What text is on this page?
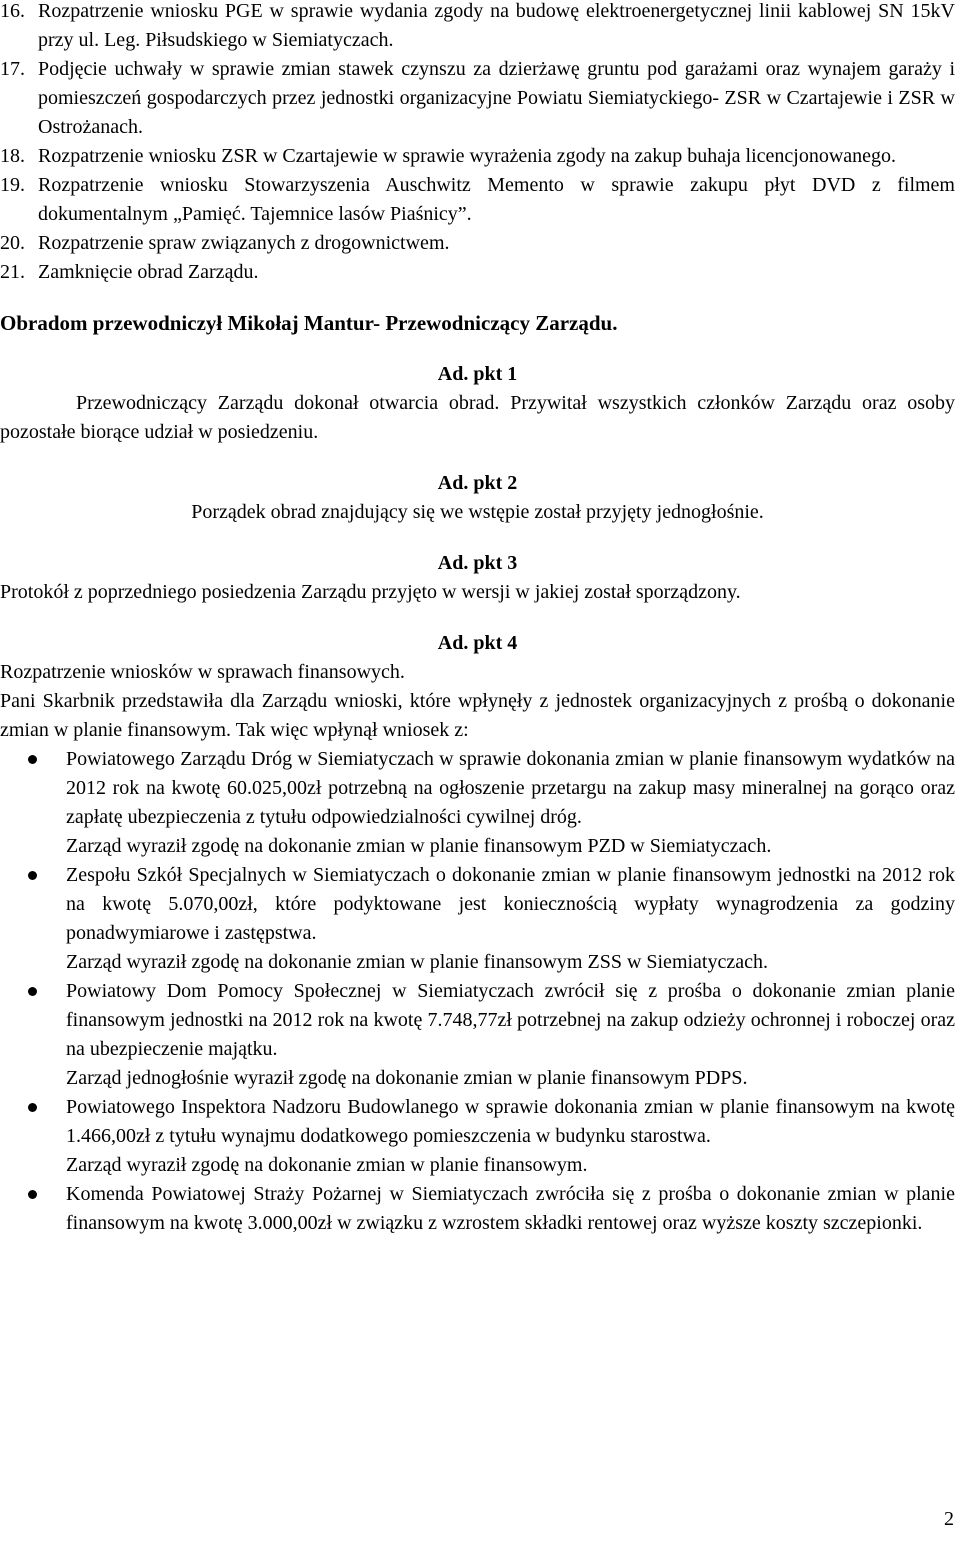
16. Rozpatrzenie wniosku PGE w sprawie wydania zgody na budowę elektroenergetycznej linii kablowej SN 15kV przy ul. Leg. Piłsudskiego w Siemiatyczach.
17. Podjęcie uchwały w sprawie zmian stawek czynszu za dzierżawę gruntu pod garażami oraz wynajem garaży i pomieszczeń gospodarczych przez jednostki organizacyjne Powiatu Siemiatyckiego- ZSR w Czartajewie i ZSR w Ostrożanach.
18. Rozpatrzenie wniosku ZSR w Czartajewie w sprawie wyrażenia zgody na zakup buhaja licencjonowanego.
19. Rozpatrzenie wniosku Stowarzyszenia Auschwitz Memento w sprawie zakupu płyt DVD z filmem dokumentalnym „Pamięć. Tajemnice lasów Piaśnicy”.
20. Rozpatrzenie spraw związanych z drogownictwem.
21. Zamknięcie obrad Zarządu.
Obradom przewodniczył Mikołaj Mantur- Przewodniczący Zarządu.
Ad. pkt 1
Przewodniczący Zarządu dokonał otwarcia obrad. Przywitał wszystkich członków Zarządu oraz osoby pozostałe biorące udział w posiedzeniu.
Ad. pkt 2
Porządek obrad znajdujący się we wstępie został przyjęty jednogłośnie.
Ad. pkt 3
Protokół z poprzedniego posiedzenia Zarządu przyjęto w wersji w jakiej został sporządzony.
Ad. pkt 4
Rozpatrzenie wniosków w sprawach finansowych.
Pani Skarbnik przedstawiła dla Zarządu wnioski, które wpłynęły z jednostek organizacyjnych z prośbą o dokonanie zmian w planie finansowym. Tak więc wpłynął wniosek z:
Powiatowego Zarządu Dróg w Siemiatyczach w sprawie dokonania zmian w planie finansowym wydatków na 2012 rok na kwotę 60.025,00zł potrzebną na ogłoszenie przetargu na zakup masy mineralnej na gorąco oraz zapłatę ubezpieczenia z tytułu odpowiedzialności cywilnej dróg.
Zarząd wyraził zgodę na dokonanie zmian w planie finansowym PZD w Siemiatyczach.
Zespołu Szkół Specjalnych w Siemiatyczach o dokonanie zmian w planie finansowym jednostki na 2012 rok na kwotę 5.070,00zł, które podyktowane jest koniecznością wypłaty wynagrodzenia za godziny ponadwymiarowe i zastępstwa.
Zarząd wyraził zgodę na dokonanie zmian w planie finansowym ZSS w Siemiatyczach.
Powiatowy Dom Pomocy Społecznej w Siemiatyczach zwrócił się z prośba o dokonanie zmian planie finansowym jednostki na 2012 rok na kwotę 7.748,77zł potrzebnej na zakup odzieży ochronnej i roboczej oraz na ubezpieczenie majątku.
Zarząd jednogłośnie wyraził zgodę na dokonanie zmian w planie finansowym PDPS.
Powiatowego Inspektora Nadzoru Budowlanego w sprawie dokonania zmian w planie finansowym na kwotę 1.466,00zł z tytułu wynajmu dodatkowego pomieszczenia w budynku starostwa.
Zarząd wyraził zgodę na dokonanie zmian w planie finansowym.
Komenda Powiatowej Straży Pożarnej w Siemiatyczach zwróciła się z prośba o dokonanie zmian w planie finansowym na kwotę 3.000,00zł w związku z wzrostem składki rentowej oraz wyższe koszty szczepionki.
2
